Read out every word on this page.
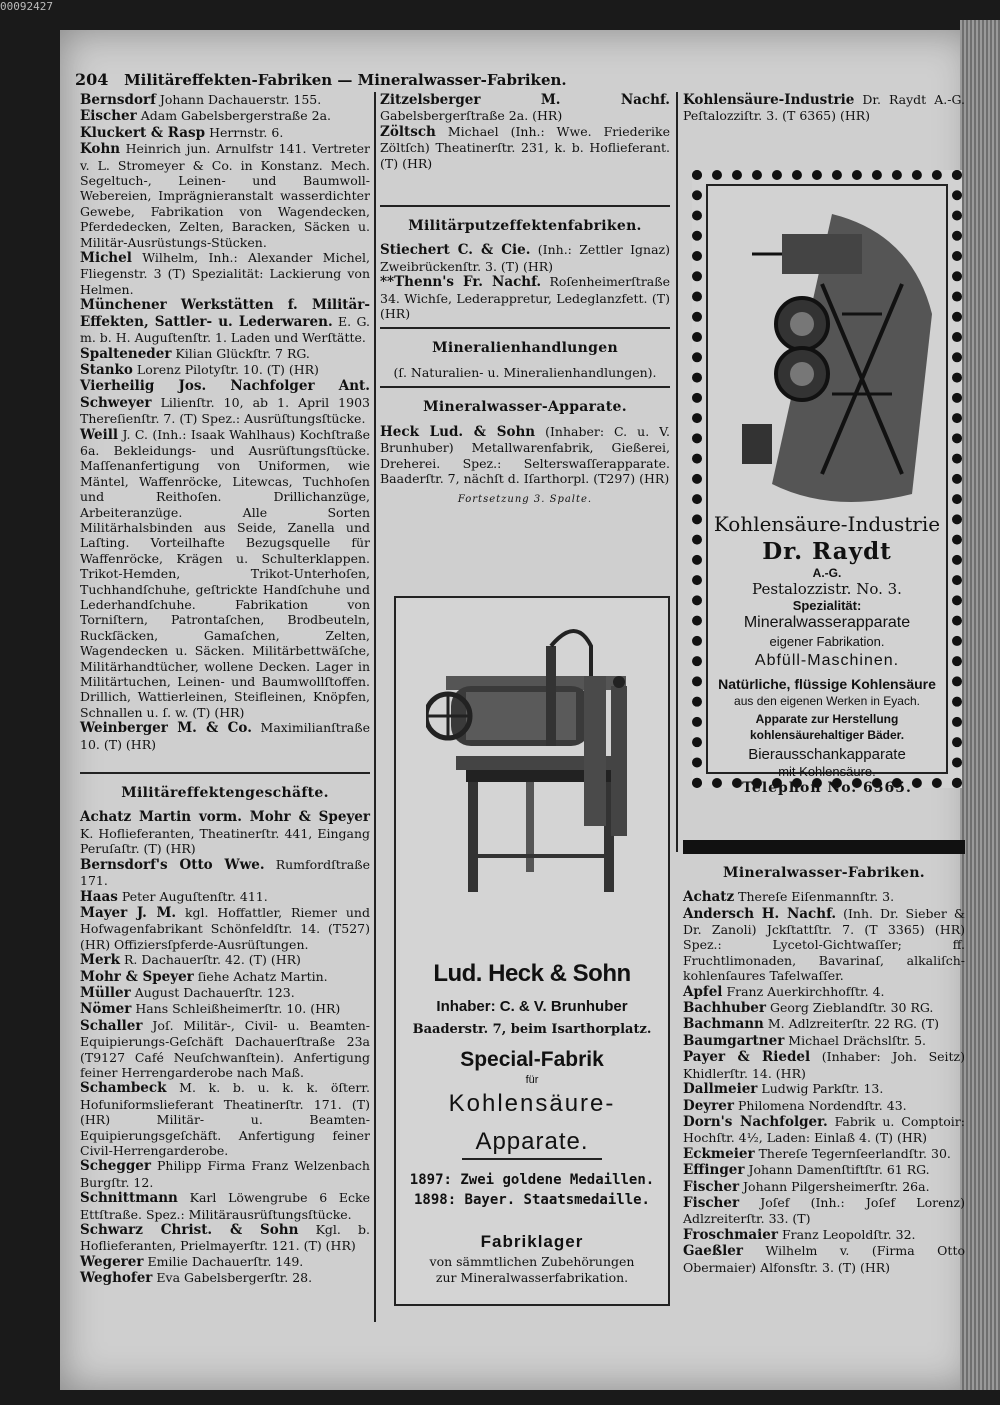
00092427
204 Militäreffekten-Fabriken — Mineralwasser-Fabriken.
Bernsdorf Johann Dachauerstr. 155.
Eischer Adam Gabelsbergerstraße 2a.
Kluckert & Rasp Herrnstr. 6.
Kohn Heinrich jun. Arnulfstr 141. Vertreter v. L. Stromeyer & Co. in Konstanz. Mech. Segeltuch-, Leinen- und Baumwoll-Webereien, Imprägnieranstalt wasserdichter Gewebe, Fabrikation von Wagendecken, Pferdedecken, Zelten, Baracken, Säcken u. Militär-Ausrüstungs-Stücken.
Michel Wilhelm, Inh.: Alexander Michel, Fliegenstr. 3 (T) Spezialität: Lackierung von Helmen.
Münchener Werkstätten f. Militär-Effekten, Sattler- u. Lederwaren. E. G. m. b. H. Auguſtenſtr. 1. Laden und Werſtätte.
Spalteneder Kilian Glückſtr. 7 RG.
Stanko Lorenz Pilotyſtr. 10. (T) (HR)
Vierheilig Jos. Nachfolger Ant. Schweyer Lilienſtr. 10, ab 1. April 1903 Thereſienſtr. 7. (T) Spez.: Ausrüſtungsſtücke.
Weill J. C. (Inh.: Isaak Wahlhaus) Kochſtraße 6a. Bekleidungs- und Ausrüſtungsſtücke. Maſſenanfertigung von Uniformen, wie Mäntel, Waffenröcke, Litewcas, Tuchhoſen und Reithoſen. Drillichanzüge, Arbeiteranzüge. Alle Sorten Militärhalsbinden aus Seide, Zanella und Laſting. Vorteilhafte Bezugsquelle für Waffenröcke, Krägen u. Schulterklappen. Trikot-Hemden, Trikot-Unterhoſen, Tuchhandſchuhe, geſtrickte Handſchuhe und Lederhandſchuhe. Fabrikation von Torniſtern, Patrontaſchen, Brodbeuteln, Ruckſäcken, Gamaſchen, Zelten, Wagendecken u. Säcken. Militärbettwäſche, Militärhandtücher, wollene Decken. Lager in Militärtuchen, Leinen- und Baumwollſtoffen. Drillich, Wattierleinen, Steifleinen, Knöpfen, Schnallen u. ſ. w. (T) (HR)
Weinberger M. & Co. Maximilianſtraße 10. (T) (HR)
Militäreffektengeschäfte.
Achatz Martin vorm. Mohr & Speyer K. Hoflieferanten, Theatinerſtr. 441, Eingang Peruſaſtr. (T) (HR)
Bernsdorf's Otto Wwe. Rumfordſtraße 171.
Haas Peter Auguſtenſtr. 411.
Mayer J. M. kgl. Hoffattler, Riemer und Hofwagenfabrikant Schönfeldſtr. 14. (T527) (HR) Offiziersſpferde-Ausrüſtungen.
Merk R. Dachauerſtr. 42. (T) (HR)
Mohr & Speyer ſiehe Achatz Martin.
Müller August Dachauerſtr. 123.
Nömer Hans Schleißheimerſtr. 10. (HR)
Schaller Joſ. Militär-, Civil- u. Beamten-Equipierungs-Geſchäft Dachauerſtraße 23a (T9127 Café Neuſchwanſtein). Anfertigung feiner Herrengarderobe nach Maß.
Schambeck M. k. b. u. k. k. öſterr. Hofuniformslieferant Theatinerſtr. 171. (T) (HR) Militär- u. Beamten-Equipierungsgeſchäft. Anfertigung feiner Civil-Herrengarderobe.
Schegger Philipp Firma Franz Welzenbach Burgſtr. 12.
Schnittmann Karl Löwengrube 6 Ecke Ettſtraße. Spez.: Militärausrüſtungsſtücke.
Schwarz Christ. & Sohn Kgl. b. Hoflieferanten, Prielmayerſtr. 121. (T) (HR)
Wegerer Emilie Dachauerſtr. 149.
Weghofer Eva Gabelsbergerſtr. 28.
Zitzelsberger M. Nachf. Gabelsbergerſtraße 2a. (HR)
Zöltsch Michael (Inh.: Wwe. Friederike Zöltſch) Theatinerſtr. 231, k. b. Hoflieferant. (T) (HR)
Militärputzeffektenfabriken.
Stiechert C. & Cie. (Inh.: Zettler Ignaz) Zweibrückenſtr. 3. (T) (HR)
**Thenn's Fr. Nachf. Roſenheimerſtraße 34. Wichſe, Lederappretur, Ledeglanzfett. (T) (HR)
Mineralienhandlungen
(ſ. Naturalien- u. Mineralienhandlungen).
Mineralwasser-Apparate.
Heck Lud. & Sohn (Inhaber: C. u. V. Brunhuber) Metallwarenfabrik, Gießerei, Dreherei. Spez.: Selterswaſſerapparate. Baaderſtr. 7, nächſt d. Iſarthorpl. (T297) (HR)
Fortsetzung 3. Spalte.
Lud. Heck & Sohn
Inhaber: C. & V. Brunhuber
Baaderstr. 7, beim Isarthorplatz.
Special-Fabrik
für
Kohlensäure-
Apparate.
1897: Zwei goldene Medaillen.
1898: Bayer. Staatsmedaille.
Fabriklager
von sämmtlichen Zubehörungen
zur Mineralwasserfabrikation.
Kohlensäure-Industrie Dr. Raydt A.-G. Peſtalozziſtr. 3. (T 6365) (HR)
Mineralwasser-Fabriken.
Achatz Thereſe Eiſenmannſtr. 3.
Andersch H. Nachf. (Inh. Dr. Sieber & Dr. Zanoli) Jckſtattſtr. 7. (T 3365) (HR) Spez.: Lycetol-Gichtwaſſer; ff. Fruchtlimonaden, Bavarinaſ, alkaliſch-kohlenſaures Tafelwaſſer.
Apfel Franz Auerkirchhofſtr. 4.
Bachhuber Georg Zieblandſtr. 30 RG.
Bachmann M. Adlzreiterſtr. 22 RG. (T)
Baumgartner Michael Drächslſtr. 5.
Payer & Riedel (Inhaber: Joh. Seitz) Khidlerſtr. 14. (HR)
Dallmeier Ludwig Parkſtr. 13.
Deyrer Philomena Nordendſtr. 43.
Dorn's Nachfolger. Fabrik u. Comptoir: Hochſtr. 4½, Laden: Einlaß 4. (T) (HR)
Eckmeier Thereſe Tegernſeerlandſtr. 30.
Effinger Johann Damenſtiftſtr. 61 RG.
Fischer Johann Pilgersheimerſtr. 26a.
Fischer Joſef (Inh.: Joſef Lorenz) Adlzreiterſtr. 33. (T)
Froschmaier Franz Leopoldſtr. 32.
Gaeßler Wilhelm v. (Firma Otto Obermaier) Alfonsſtr. 3. (T) (HR)
Kohlensäure-Industrie
Dr. Raydt
A.-G.
Pestalozzistr. No. 3.
Spezialität:
Mineralwasserapparate
eigener Fabrikation.
Abfüll-Maschinen.
Natürliche, flüssige Kohlensäure
aus den eigenen Werken in Eyach.
Apparate zur Herstellung
kohlensäurehaltiger Bäder.
Bierausschankapparate
mit Kohlensäure.
Telephon No. 6365.
